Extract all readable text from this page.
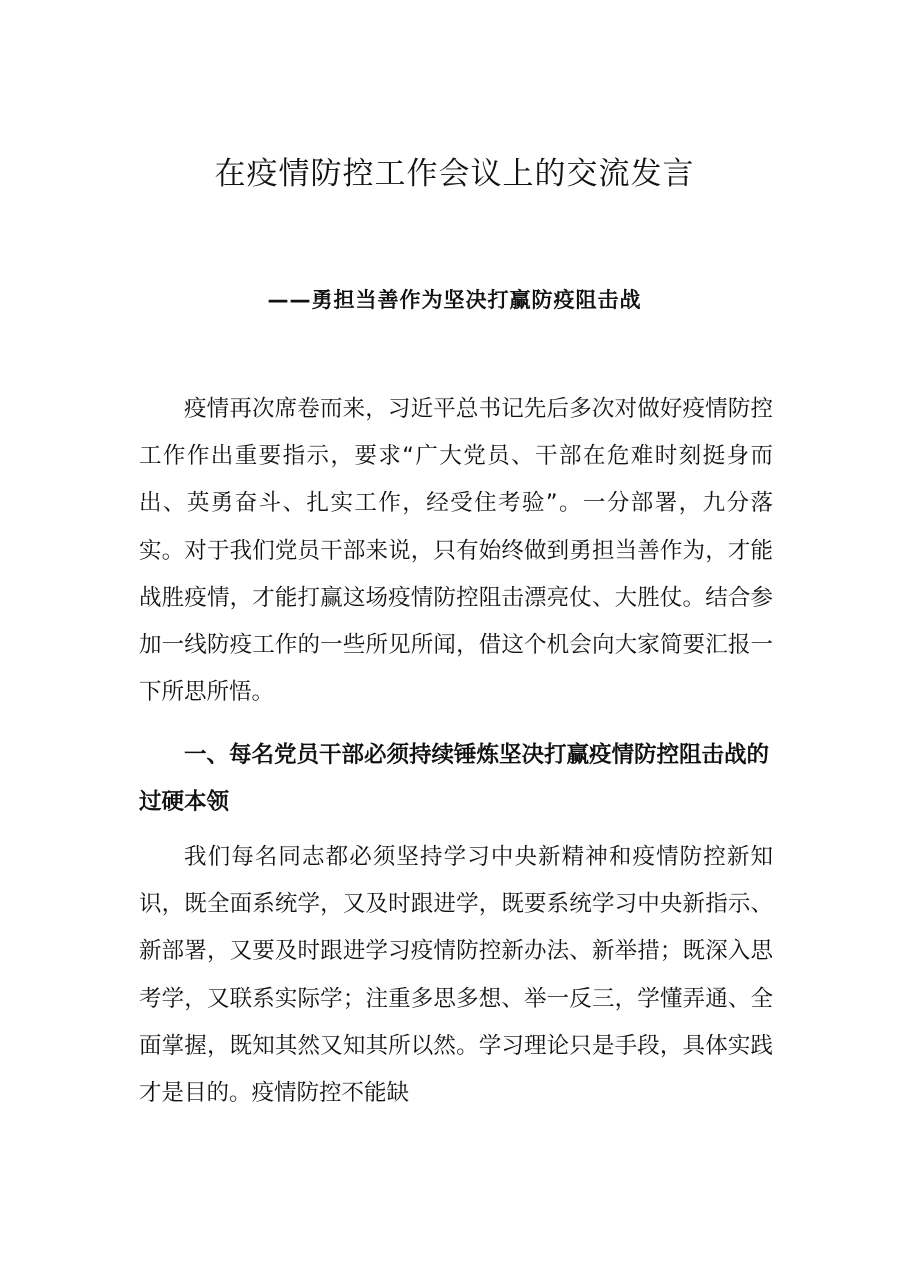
在疫情防控工作会议上的交流发言
——勇担当善作为坚决打赢防疫阻击战

疫情再次席卷而来，习近平总书记先后多次对做好疫情防控工作作出重要指示，要求“广大党员、干部在危难时刻挺身而出、英勇奋斗、扎实工作，经受住考验”。一分部署，九分落实。对于我们党员干部来说，只有始终做到勇担当善作为，才能战胜疫情，才能打赢这场疫情防控阻击漂亮仗、大胜仗。结合参加一线防疫工作的一些所见所闻，借这个机会向大家简要汇报一下所思所悟。

一、每名党员干部必须持续锤炼坚决打赢疫情防控阻击战的过硬本领

我们每名同志都必须坚持学习中央新精神和疫情防控新知识，既全面系统学，又及时跟进学，既要系统学习中央新指示、新部署，又要及时跟进学习疫情防控新办法、新举措；既深入思考学，又联系实际学；注重多思多想、举一反三，学懂弄通、全面掌握，既知其然又知其所以然。学习理论只是手段，具体实践才是目的。疫情防控不能缺
